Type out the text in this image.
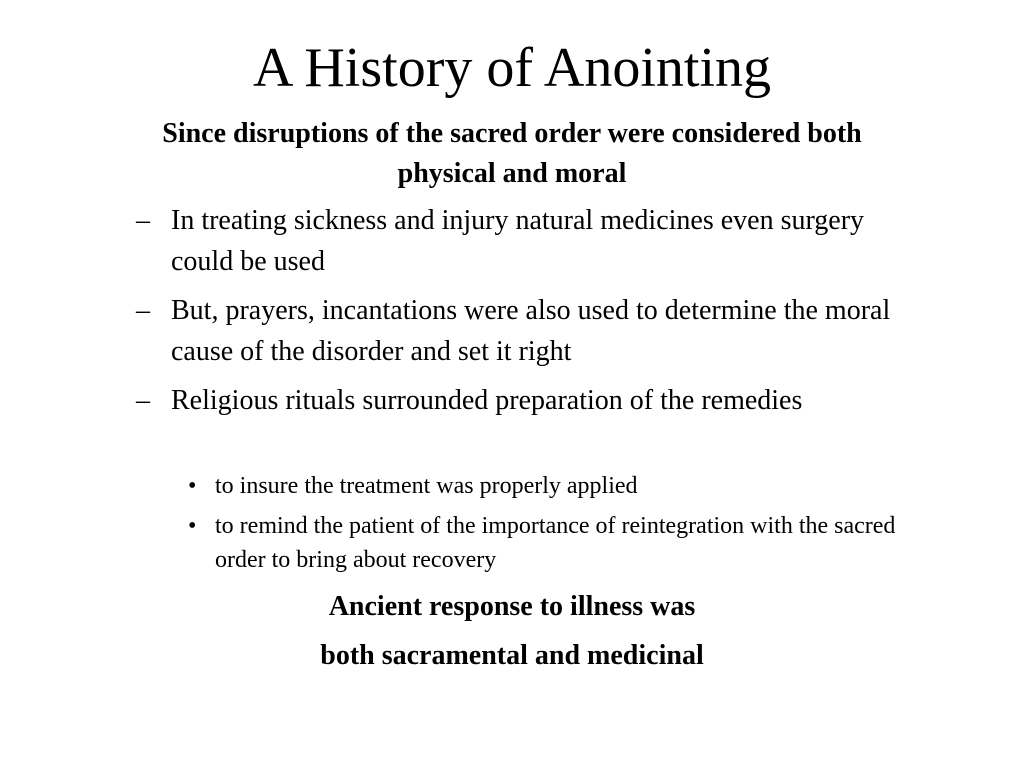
A History of Anointing
Since disruptions of the sacred order were considered both physical and moral
– In treating sickness and injury natural medicines even surgery could be used
– But, prayers, incantations were also used to determine the moral cause of the disorder and set it right
– Religious rituals surrounded preparation of the remedies
• to insure the treatment was properly applied
• to remind the patient of the importance of reintegration with the sacred order to bring about recovery
Ancient response to illness was
both sacramental and medicinal
